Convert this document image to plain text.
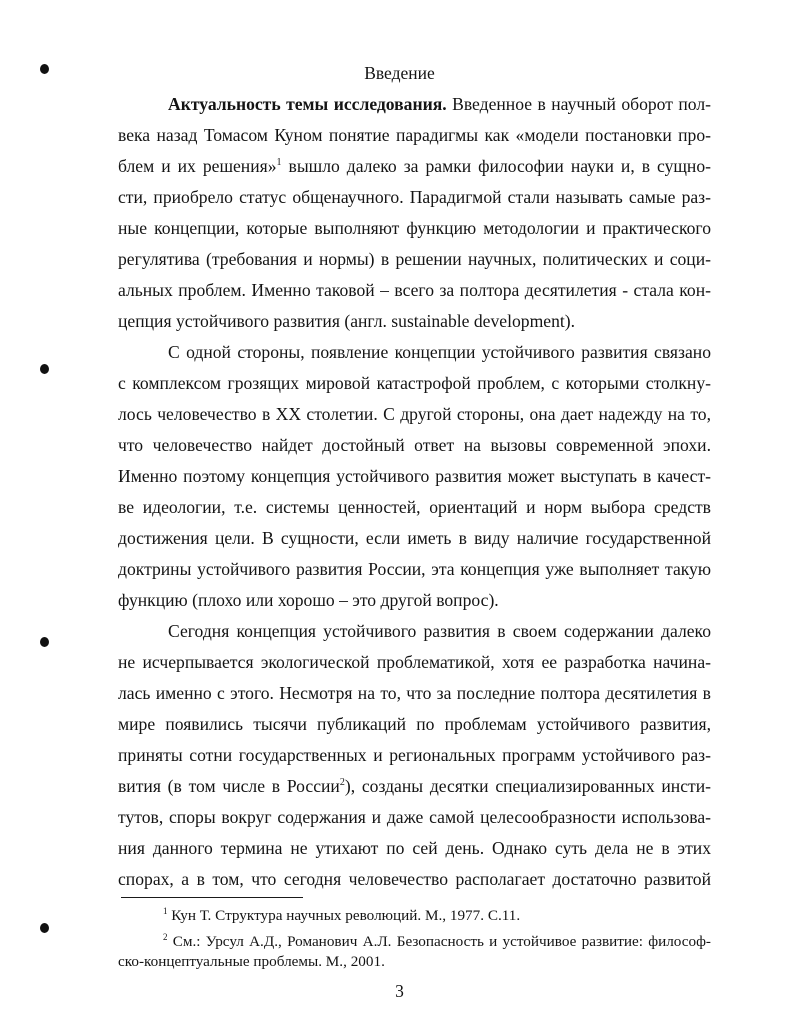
Введение
Актуальность темы исследования. Введенное в научный оборот пол-
века назад Томасом Куном понятие парадигмы как «модели постановки про-
блем и их решения»$^1$ вышло далеко за рамки философии науки и, в сущно-
сти, приобрело статус общенаучного. Парадигмой стали называть самые раз-
ные концепции, которые выполняют функцию методологии и практического
регулятива (требования и нормы) в решении научных, политических и соци-
альных проблем. Именно таковой – всего за полтора десятилетия - стала кон-
цепция устойчивого развития (англ. sustainable development).
С одной стороны, появление концепции устойчивого развития связано
с комплексом грозящих мировой катастрофой проблем, с которыми столкну-
лось человечество в XX столетии. С другой стороны, она дает надежду на то,
что человечество найдет достойный ответ на вызовы современной эпохи.
Именно поэтому концепция устойчивого развития может выступать в качест-
ве идеологии, т.е. системы ценностей, ориентаций и норм выбора средств
достижения цели. В сущности, если иметь в виду наличие государственной
доктрины устойчивого развития России, эта концепция уже выполняет такую
функцию (плохо или хорошо – это другой вопрос).
Сегодня концепция устойчивого развития в своем содержании далеко
не исчерпывается экологической проблематикой, хотя ее разработка начина-
лась именно с этого. Несмотря на то, что за последние полтора десятилетия в
мире появились тысячи публикаций по проблемам устойчивого развития,
приняты сотни государственных и региональных программ устойчивого раз-
вития (в том числе в России$^2$), созданы десятки специализированных инсти-
тутов, споры вокруг содержания и даже самой целесообразности использова-
ния данного термина не утихают по сей день. Однако суть дела не в этих
спорах, а в том, что сегодня человечество располагает достаточно развитой
$^1$ Кун Т. Структура научных революций. М., 1977. С.11.
$^2$ См.: Урсул А.Д., Романович А.Л. Безопасность и устойчивое развитие: философ-
ско-концептуальные проблемы. М., 2001.
3
